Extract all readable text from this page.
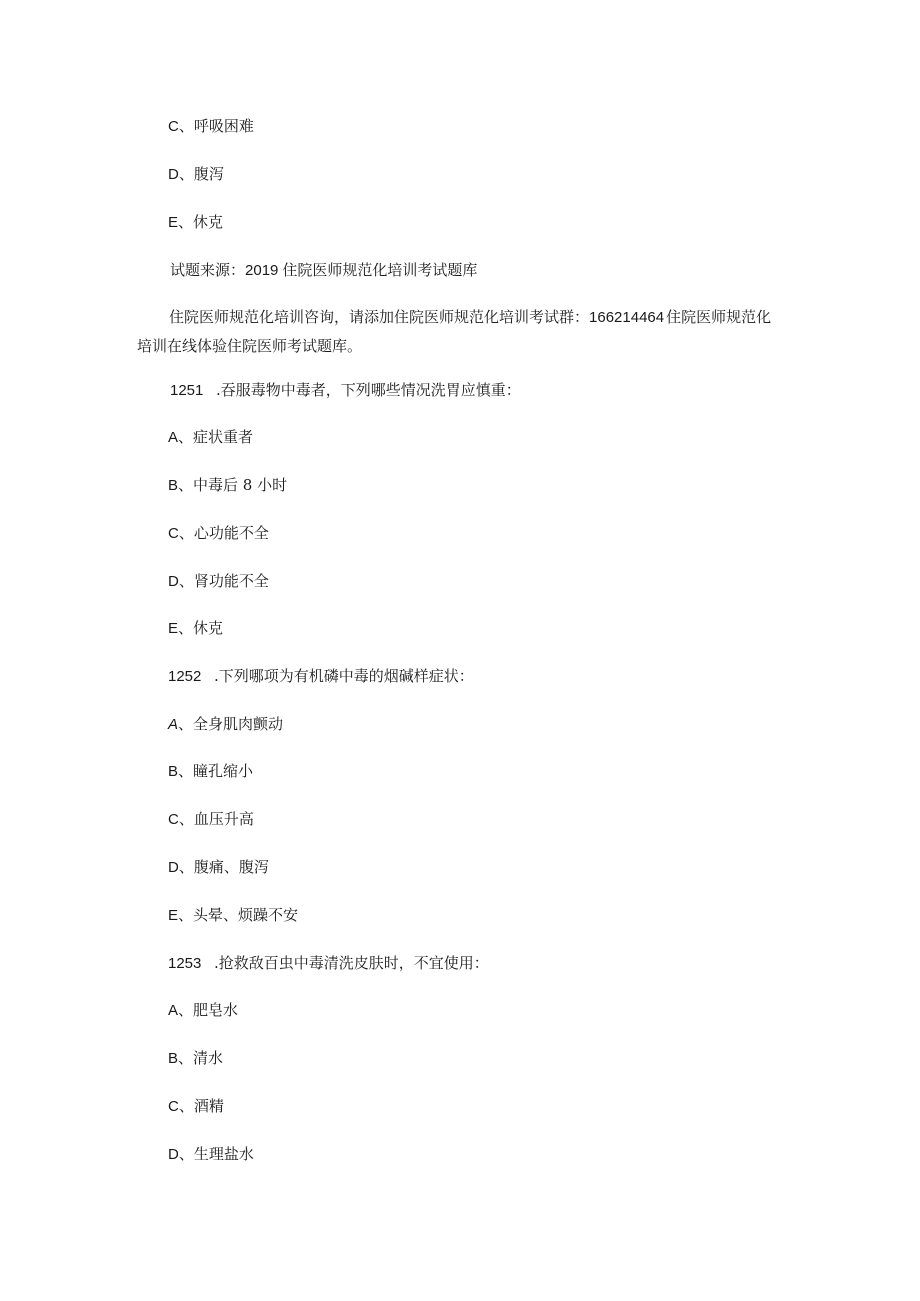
C、呼吸困难
D、腹泻
E、休克
试题来源：2019 住院医师规范化培训考试题库
住院医师规范化培训咨询，请添加住院医师规范化培训考试群：166214464 住院医师规范化培训在线体验住院医师考试题库。
1251 .吞服毒物中毒者，下列哪些情况洗胃应慎重：
A、症状重者
B、中毒后 8 小时
C、心功能不全
D、肾功能不全
E、休克
1252 .下列哪项为有机磷中毒的烟碱样症状：
A、全身肌肉颤动
B、瞳孔缩小
C、血压升高
D、腹痛、腹泻
E、头晕、烦躁不安
1253 .抢救敌百虫中毒清洗皮肤时，不宜使用：
A、肥皂水
B、清水
C、酒精
D、生理盐水
